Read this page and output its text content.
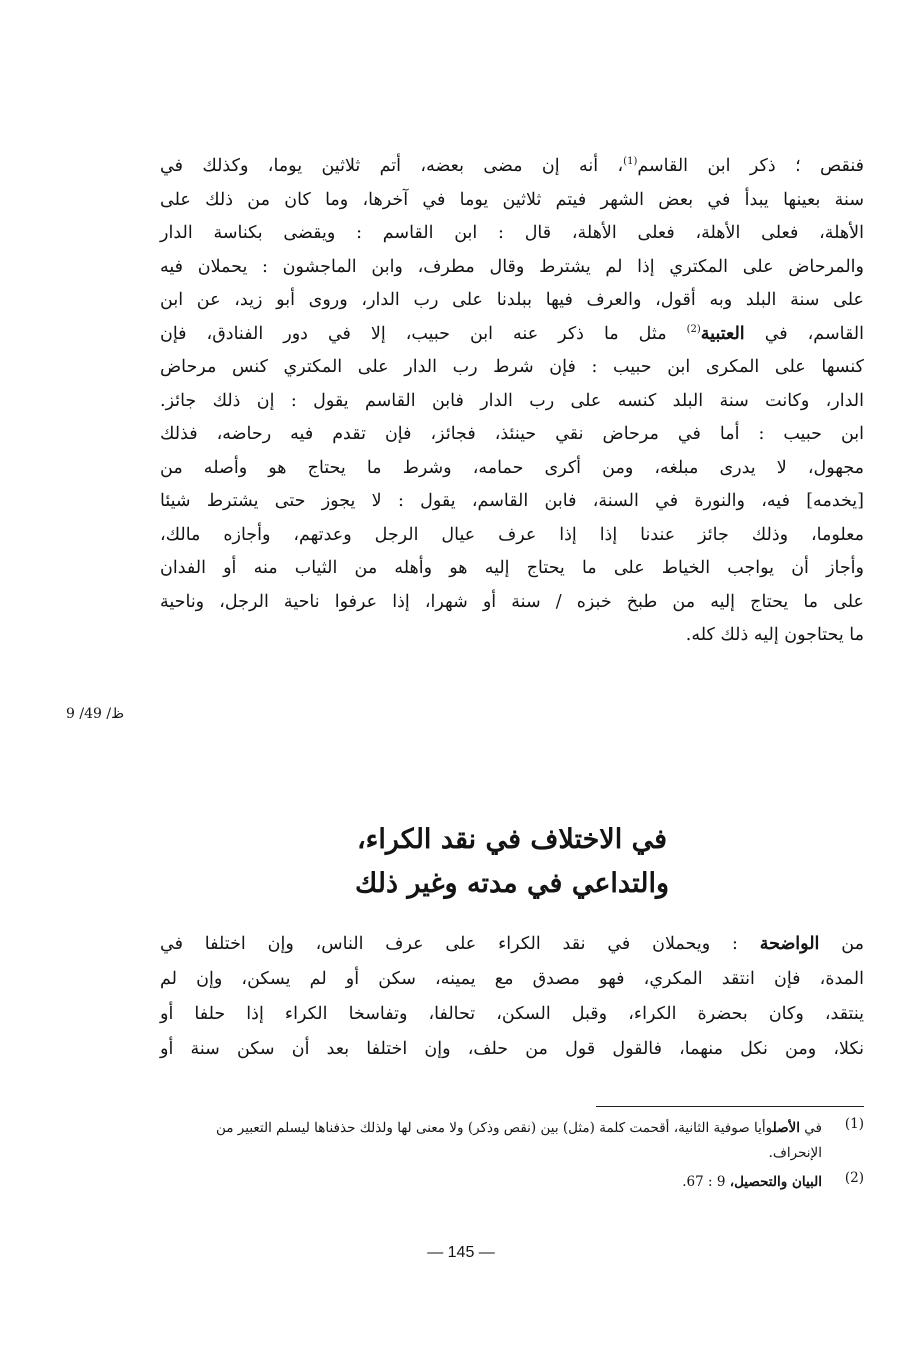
فنقص ؛ ذكر ابن القاسم$^{(1)}$، أنه إن مضى بعضه، أتم ثلاثين يوما، وكذلك في
سنة بعينها يبدأ في بعض الشهر فيتم ثلاثين يوما في آخرها، وما كان من ذلك على
الأهلة، فعلى الأهلة، فعلى الأهلة، قال : ابن القاسم : ويقضى بكناسة الدار
والمرحاض على المكتري إذا لم يشترط وقال مطرف، وابن الماجشون : يحملان فيه
على سنة البلد وبه أقول، والعرف فيها ببلدنا على رب الدار، وروى أبو زيد، عن ابن
القاسم، في العتبية$^{(2)}$ مثل ما ذكر عنه ابن حبيب، إلا في دور الفنادق، فإن
كنسها على المكرى ابن حبيب : فإن شرط رب الدار على المكتري كنس مرحاض
الدار، وكانت سنة البلد كنسه على رب الدار فابن القاسم يقول : إن ذلك جائز.
ابن حبيب : أما في مرحاض نقي حينئذ، فجائز، فإن تقدم فيه رحاضه، فذلك
مجهول، لا يدرى مبلغه، ومن أكرى حمامه، وشرط ما يحتاج هو وأصله من
[يخدمه] فيه، والنورة في السنة، فابن القاسم، يقول : لا يجوز حتى يشترط شيئا
معلوما، وذلك جائز عندنا إذا إذا عرف عيال الرجل وعدتهم، وأجازه مالك،
وأجاز أن يواجب الخياط على ما يحتاج إليه هو وأهله من الثياب منه أو الفدان
على ما يحتاج إليه من طبخ خبزه / سنة أو شهرا، إذا عرفوا ناحية الرجل، وناحية
ما يحتاجون إليه ذلك كله.
9 /49 /ظ
في الاختلاف في نقد الكراء،
والتداعي في مدته وغير ذلك
من الواضحة : ويحملان في نقد الكراء على عرف الناس، وإن اختلفا في
المدة، فإن انتقد المكري، فهو مصدق مع يمينه، سكن أو لم يسكن، وإن لم
ينتقد، وكان بحضرة الكراء، وقبل السكن، تحالفا، وتفاسخا الكراء إذا حلفا أو
نكلا، ومن نكل منهما، فالقول قول من حلف، وإن اختلفا بعد أن سكن سنة أو
(1)
في الأصلوأيا صوفية الثانية، أقحمت كلمة (مثل) بين (نقص وذكر) ولا معنى لها ولذلك حذفناها ليسلم التعبير من الإنحراف.
(2)
البيان والتحصيل، 9 : 67.
— 145 —
